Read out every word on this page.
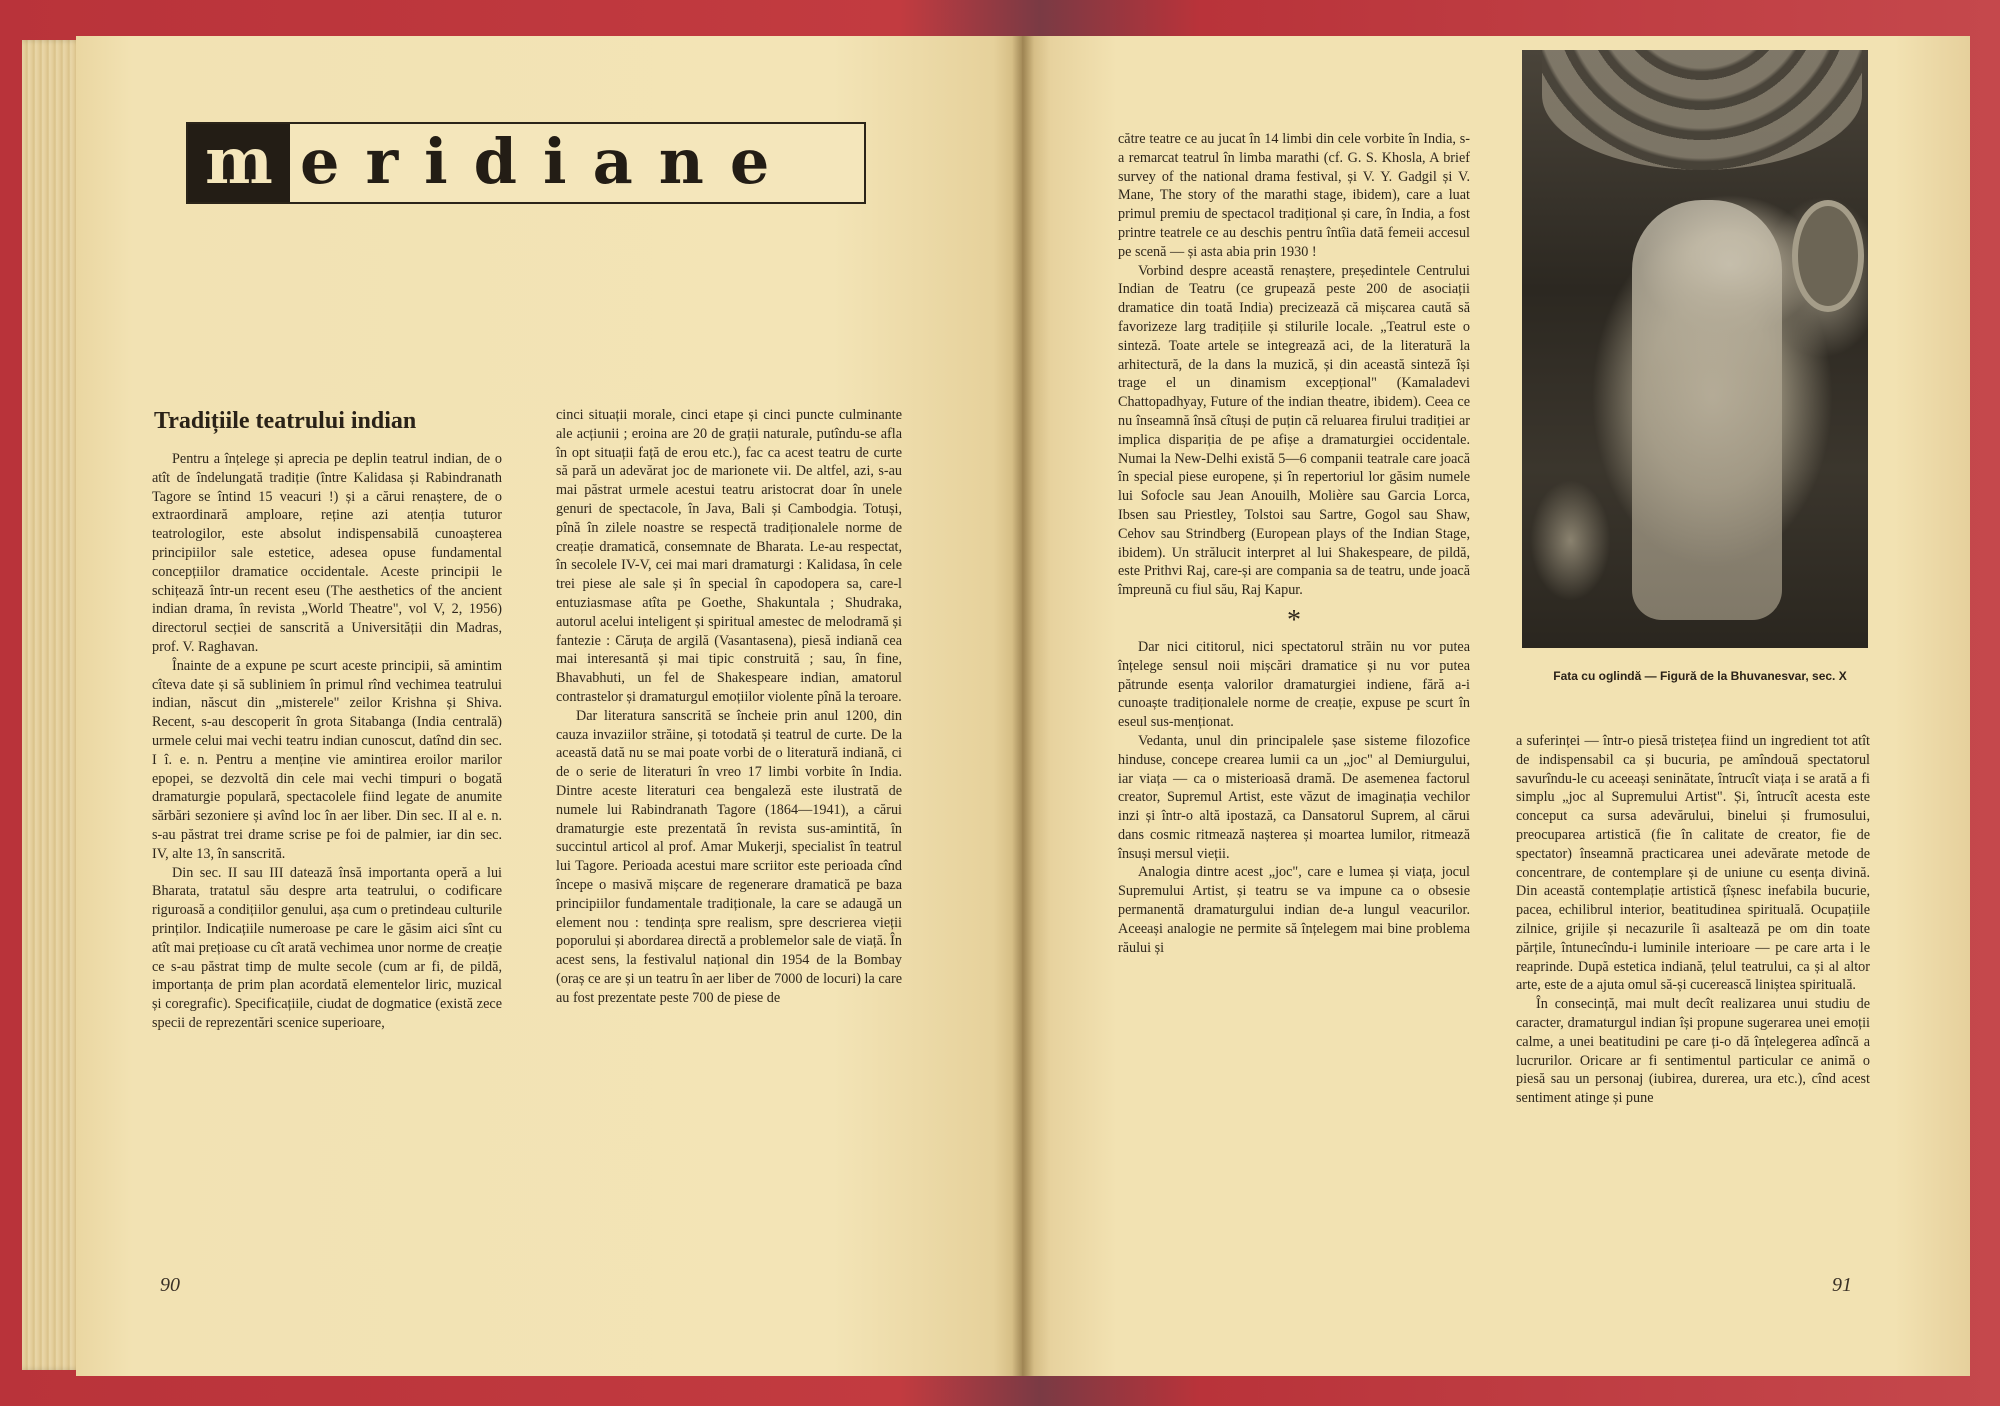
m eridiane
Tradițiile teatrului indian

Pentru a înțelege și aprecia pe deplin teatrul indian, de o atît de îndelungată tradiție (între Kalidasa și Rabindranath Tagore se întind 15 veacuri !) și a cărui renaștere, de o extraordinară amploare, reține azi atenția tuturor teatrologilor, este absolut indispensabilă cunoașterea principiilor sale estetice, adesea opuse fundamental concepțiilor dramatice occidentale. Aceste principii le schițează într-un recent eseu (The aesthetics of the ancient indian drama, în revista „World Theatre", vol V, 2, 1956) directorul secției de sanscrită a Universității din Madras, prof. V. Raghavan.

Înainte de a expune pe scurt aceste principii, să amintim cîteva date și să subliniem în primul rînd vechimea teatrului indian, născut din „misterele" zeilor Krishna și Shiva. Recent, s-au descoperit în grota Sitabanga (India centrală) urmele celui mai vechi teatru indian cunoscut, datînd din sec. I î. e. n. Pentru a menține vie amintirea eroilor marilor epopei, se dezvoltă din cele mai vechi timpuri o bogată dramaturgie populară, spectacolele fiind legate de anumite sărbări sezoniere și avînd loc în aer liber. Din sec. II al e. n. s-au păstrat trei drame scrise pe foi de palmier, iar din sec. IV, alte 13, în sanscrită.

Din sec. II sau III datează însă importanta operă a lui Bharata, tratatul său despre arta teatrului, o codificare riguroasă a condițiilor genului, așa cum o pretindeau culturile prinților. Indicațiile numeroase pe care le găsim aici sînt cu atît mai prețioase cu cît arată vechimea unor norme de creație ce s-au păstrat timp de multe secole (cum ar fi, de pildă, importanța de prim plan acordată elementelor liric, muzical și coregrafic). Specificațiile, ciudat de dogmatice (există zece specii de reprezentări scenice superioare,

cinci situații morale, cinci etape și cinci puncte culminante ale acțiunii ; eroina are 20 de grații naturale, putîndu-se afla în opt situații față de erou etc.), fac ca acest teatru de curte să pară un adevărat joc de marionete vii. De altfel, azi, s-au mai păstrat urmele acestui teatru aristocrat doar în unele genuri de spectacole, în Java, Bali și Cambodgia. Totuși, pînă în zilele noastre se respectă tradiționalele norme de creație dramatică, consemnate de Bharata. Le-au respectat, în secolele IV-V, cei mai mari dramaturgi : Kalidasa, în cele trei piese ale sale și în special în capodopera sa, care-l entuziasmase atîta pe Goethe, Shakuntala ; Shudraka, autorul acelui inteligent și spiritual amestec de melodramă și fantezie : Căruța de argilă (Vasantasena), piesă indiană cea mai interesantă și mai tipic construită ; sau, în fine, Bhavabhuti, un fel de Shakespeare indian, amatorul contrastelor și dramaturgul emoțiilor violente pînă la teroare.

Dar literatura sanscrită se încheie prin anul 1200, din cauza invaziilor străine, și totodată și teatrul de curte. De la această dată nu se mai poate vorbi de o literatură indiană, ci de o serie de literaturi în vreo 17 limbi vorbite în India. Dintre aceste literaturi cea bengaleză este ilustrată de numele lui Rabindranath Tagore (1864—1941), a cărui dramaturgie este prezentată în revista sus-amintită, în succintul articol al prof. Amar Mukerji, specialist în teatrul lui Tagore. Perioada acestui mare scriitor este perioada cînd începe o masivă mișcare de regenerare dramatică pe baza principiilor fundamentale tradiționale, la care se adaugă un element nou : tendința spre realism, spre descrierea vieții poporului și abordarea directă a problemelor sale de viață. În acest sens, la festivalul național din 1954 de la Bombay (oraș ce are și un teatru în aer liber de 7000 de locuri) la care au fost prezentate peste 700 de piese de

către teatre ce au jucat în 14 limbi din cele vorbite în India, s-a remarcat teatrul în limba marathi (cf. G. S. Khosla, A brief survey of the national drama festival, și V. Y. Gadgil și V. Mane, The story of the marathi stage, ibidem), care a luat primul premiu de spectacol tradițional și care, în India, a fost printre teatrele ce au deschis pentru întîia dată femeii accesul pe scenă — și asta abia prin 1930 !

Vorbind despre această renaștere, președintele Centrului Indian de Teatru (ce grupează peste 200 de asociații dramatice din toată India) precizează că mișcarea caută să favorizeze larg tradițiile și stilurile locale. „Teatrul este o sinteză. Toate artele se integrează aci, de la literatură la arhitectură, de la dans la muzică, și din această sinteză își trage el un dinamism excepțional" (Kamaladevi Chattopadhyay, Future of the indian theatre, ibidem). Ceea ce nu înseamnă însă cîtuși de puțin că reluarea firului tradiției ar implica dispariția de pe afișe a dramaturgiei occidentale. Numai la New-Delhi există 5—6 companii teatrale care joacă în special piese europene, și în repertoriul lor găsim numele lui Sofocle sau Jean Anouilh, Molière sau Garcia Lorca, Ibsen sau Priestley, Tolstoi sau Sartre, Gogol sau Shaw, Cehov sau Strindberg (European plays of the Indian Stage, ibidem). Un strălucit interpret al lui Shakespeare, de pildă, este Prithvi Raj, care-și are compania sa de teatru, unde joacă împreună cu fiul său, Raj Kapur.

*

Dar nici cititorul, nici spectatorul străin nu vor putea înțelege sensul noii mișcări dramatice și nu vor putea pătrunde esența valorilor dramaturgiei indiene, fără a-i cunoaște tradiționalele norme de creație, expuse pe scurt în eseul sus-menționat.

Vedanta, unul din principalele șase sisteme filozofice hinduse, concepe crearea lumii ca un „joc" al Demiurgului, iar viața — ca o misterioasă dramă. De asemenea factorul creator, Supremul Artist, este văzut de imaginația vechilor inzi și într-o altă ipostază, ca Dansatorul Suprem, al cărui dans cosmic ritmează nașterea și moartea lumilor, ritmează însuși mersul vieții.

Analogia dintre acest „joc", care e lumea și viața, jocul Supremului Artist, și teatru se va impune ca o obsesie permanentă dramaturgului indian de-a lungul veacurilor. Aceeași analogie ne permite să înțelegem mai bine problema răului și

Fata cu oglindă — Figură de la Bhuvanesvar, sec. X

a suferinței — într-o piesă tristețea fiind un ingredient tot atît de indispensabil ca și bucuria, pe amîndouă spectatorul savurîndu-le cu aceeași seninătate, întrucît viața i se arată a fi simplu „joc al Supremului Artist". Și, întrucît acesta este conceput ca sursa adevărului, binelui și frumosului, preocuparea artistică (fie în calitate de creator, fie de spectator) înseamnă practicarea unei adevărate metode de concentrare, de contemplare și de uniune cu esența divină. Din această contemplație artistică țîșnesc inefabila bucurie, pacea, echilibrul interior, beatitudinea spirituală. Ocupațiile zilnice, grijile și necazurile îi asaltează pe om din toate părțile, întunecîndu-i luminile interioare — pe care arta i le reaprinde. După estetica indiană, țelul teatrului, ca și al altor arte, este de a ajuta omul să-și cucerească liniștea spirituală.

În consecință, mai mult decît realizarea unui studiu de caracter, dramaturgul indian își propune sugerarea unei emoții calme, a unei beatitudini pe care ți-o dă înțelegerea adîncă a lucrurilor. Oricare ar fi sentimentul particular ce animă o piesă sau un personaj (iubirea, durerea, ura etc.), cînd acest sentiment atinge și pune

90	91
